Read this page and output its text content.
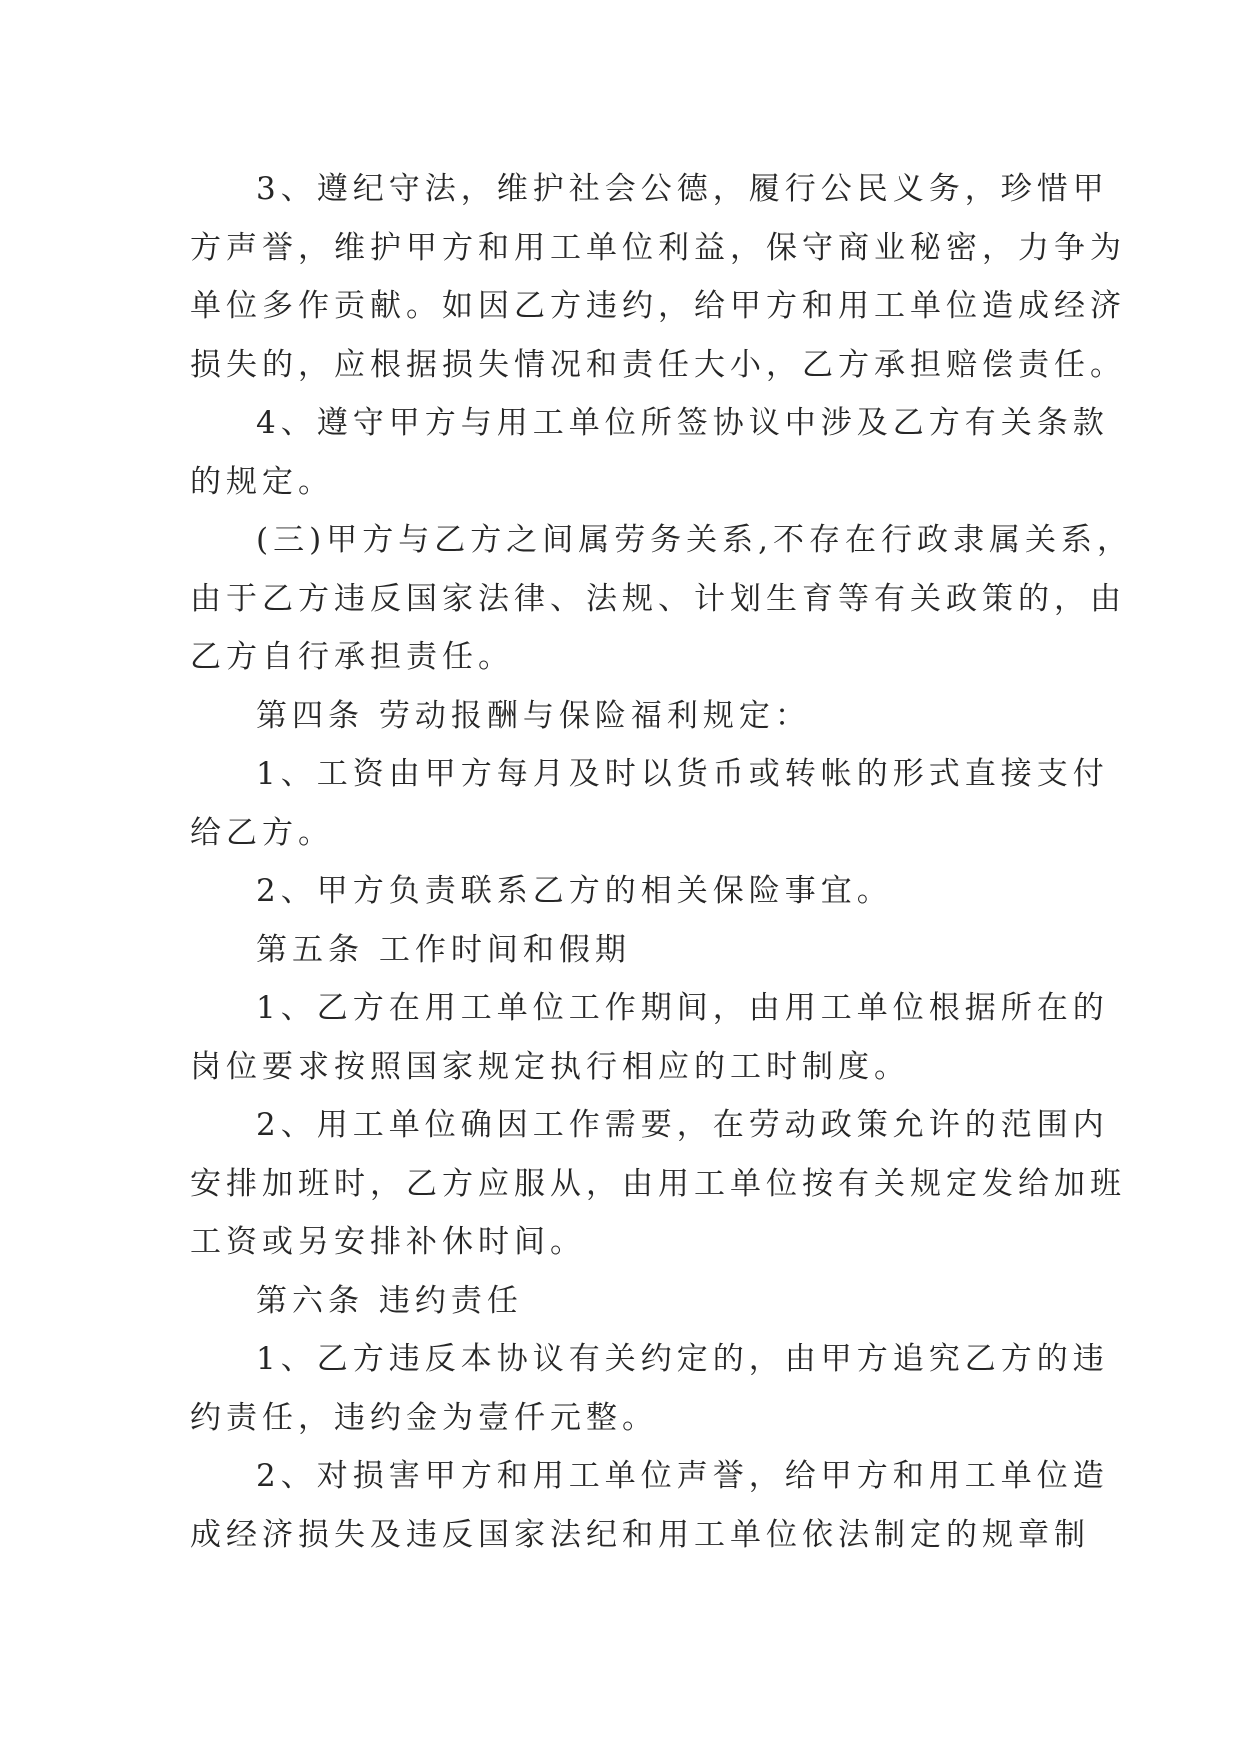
3、遵纪守法，维护社会公德，履行公民义务，珍惜甲
方声誉，维护甲方和用工单位利益，保守商业秘密，力争为
单位多作贡献。如因乙方违约，给甲方和用工单位造成经济
损失的，应根据损失情况和责任大小，乙方承担赔偿责任。
4、遵守甲方与用工单位所签协议中涉及乙方有关条款
的规定。
(三)甲方与乙方之间属劳务关系,不存在行政隶属关系，
由于乙方违反国家法律、法规、计划生育等有关政策的，由
乙方自行承担责任。
第四条 劳动报酬与保险福利规定：
1、工资由甲方每月及时以货币或转帐的形式直接支付
给乙方。
2、甲方负责联系乙方的相关保险事宜。
第五条 工作时间和假期
1、乙方在用工单位工作期间，由用工单位根据所在的
岗位要求按照国家规定执行相应的工时制度。
2、用工单位确因工作需要，在劳动政策允许的范围内
安排加班时，乙方应服从，由用工单位按有关规定发给加班
工资或另安排补休时间。
第六条 违约责任
1、乙方违反本协议有关约定的，由甲方追究乙方的违
约责任，违约金为壹仟元整。
2、对损害甲方和用工单位声誉，给甲方和用工单位造
成经济损失及违反国家法纪和用工单位依法制定的规章制
